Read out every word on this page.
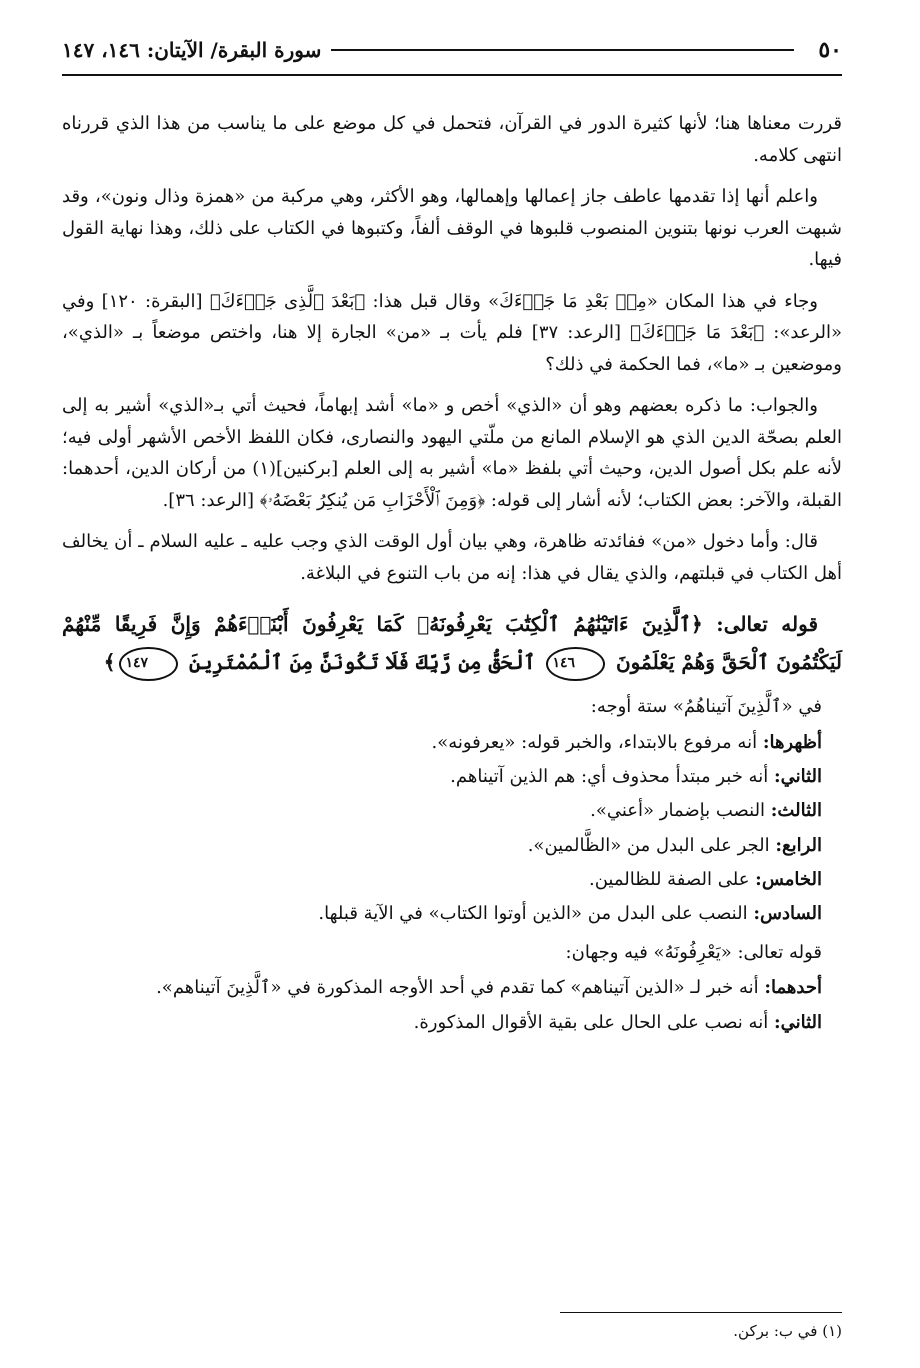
٥٠
سورة البقرة/ الآيتان: ١٤٦، ١٤٧

قررت معناها هنا؛ لأنها كثيرة الدور في القرآن، فتحمل في كل موضع على ما يناسب من هذا الذي قررناه انتهى كلامه.

واعلم أنها إذا تقدمها عاطف جاز إعمالها وإهمالها، وهو الأكثر، وهي مركبة من «همزة وذال ونون»، وقد شبهت العرب نونها بتنوين المنصوب قلبوها في الوقف ألفاً، وكتبوها في الكتاب على ذلك، وهذا نهاية القول فيها.

وجاء في هذا المكان «مِنۢ بَعْدِ مَا جَاۤءَكَ» وقال قبل هذا: ﴿بَعْدَ ٱلَّذِى جَاۤءَكَ﴾ [البقرة: ١٢٠] وفي «الرعد»: ﴿بَعْدَ مَا جَاۤءَكَ﴾ [الرعد: ٣٧] فلم يأت بـ «من» الجارة إلا هنا، واختص موضعاً بـ «الذي»، وموضعين بـ «ما»، فما الحكمة في ذلك؟

والجواب: ما ذكره بعضهم وهو أن «الذي» أخص و «ما» أشد إبهاماً، فحيث أتي بـ«الذي» أشير به إلى العلم بصحّة الدين الذي هو الإسلام المانع من ملّتي اليهود والنصارى، فكان اللفظ الأخص الأشهر أولى فيه؛ لأنه علم بكل أصول الدين، وحيث أتي بلفظ «ما» أشير به إلى العلم [بركنين](١) من أركان الدين، أحدهما: القبلة، والآخر: بعض الكتاب؛ لأنه أشار إلى قوله: ﴿وَمِنَ ٱلْأَحْزَابِ مَن يُنكِرُ بَعْضَهُۥ﴾ [الرعد: ٣٦].

قال: وأما دخول «من» ففائدته ظاهرة، وهي بيان أول الوقت الذي وجب عليه ـ عليه السلام ـ أن يخالف أهل الكتاب في قبلتهم، والذي يقال في هذا: إنه من باب التنوع في البلاغة.

قوله تعالى: ﴿ٱلَّذِينَ ءَاتَيْنَٰهُمُ ٱلْكِتَٰبَ يَعْرِفُونَهُۥ كَمَا يَعْرِفُونَ أَبْنَاۤءَهُمْ وَإِنَّ فَرِيقًا مِّنْهُمْ لَيَكْتُمُونَ ٱلْحَقَّ وَهُمْ يَعْلَمُونَ ١٤٦ ٱلْحَقُّ مِن رَّبِّكَ فَلَا تَكُونَنَّ مِنَ ٱلْمُمْتَرِينَ ١٤٧﴾
في «ٱلَّذِينَ آتيناهُمُ» ستة أوجه:
أظهرها: أنه مرفوع بالابتداء، والخبر قوله: «يعرفونه».
الثاني: أنه خبر مبتدأ محذوف أي: هم الذين آتيناهم.
الثالث: النصب بإضمار «أعني».
الرابع: الجر على البدل من «الظَّالمين».
الخامس: على الصفة للظالمين.
السادس: النصب على البدل من «الذين أوتوا الكتاب» في الآية قبلها.
قوله تعالى: «يَعْرِفُونَهُ» فيه وجهان:
أحدهما: أنه خبر لـ «الذين آتيناهم» كما تقدم في أحد الأوجه المذكورة في «ٱلَّذِينَ آتيناهم».
الثاني: أنه نصب على الحال على بقية الأقوال المذكورة.
(١) في ب: بركن.
